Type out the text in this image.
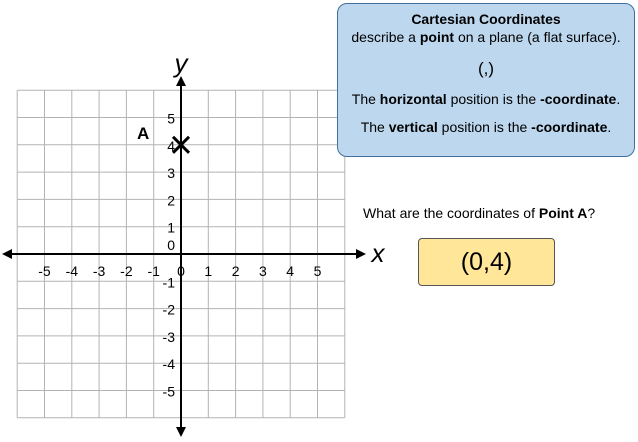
x
y
-5 -4 -3 -2 -1 0 1 2 3 4 5
5
4
3
2
1
0
-1
-2
-3
-4
-5
A
Cartesian Coordinates
describe a point on a plane (a flat surface).
(,)
The horizontal position is the -coordinate.
The vertical position is the -coordinate.
What are the coordinates of Point A?
(0,4)
